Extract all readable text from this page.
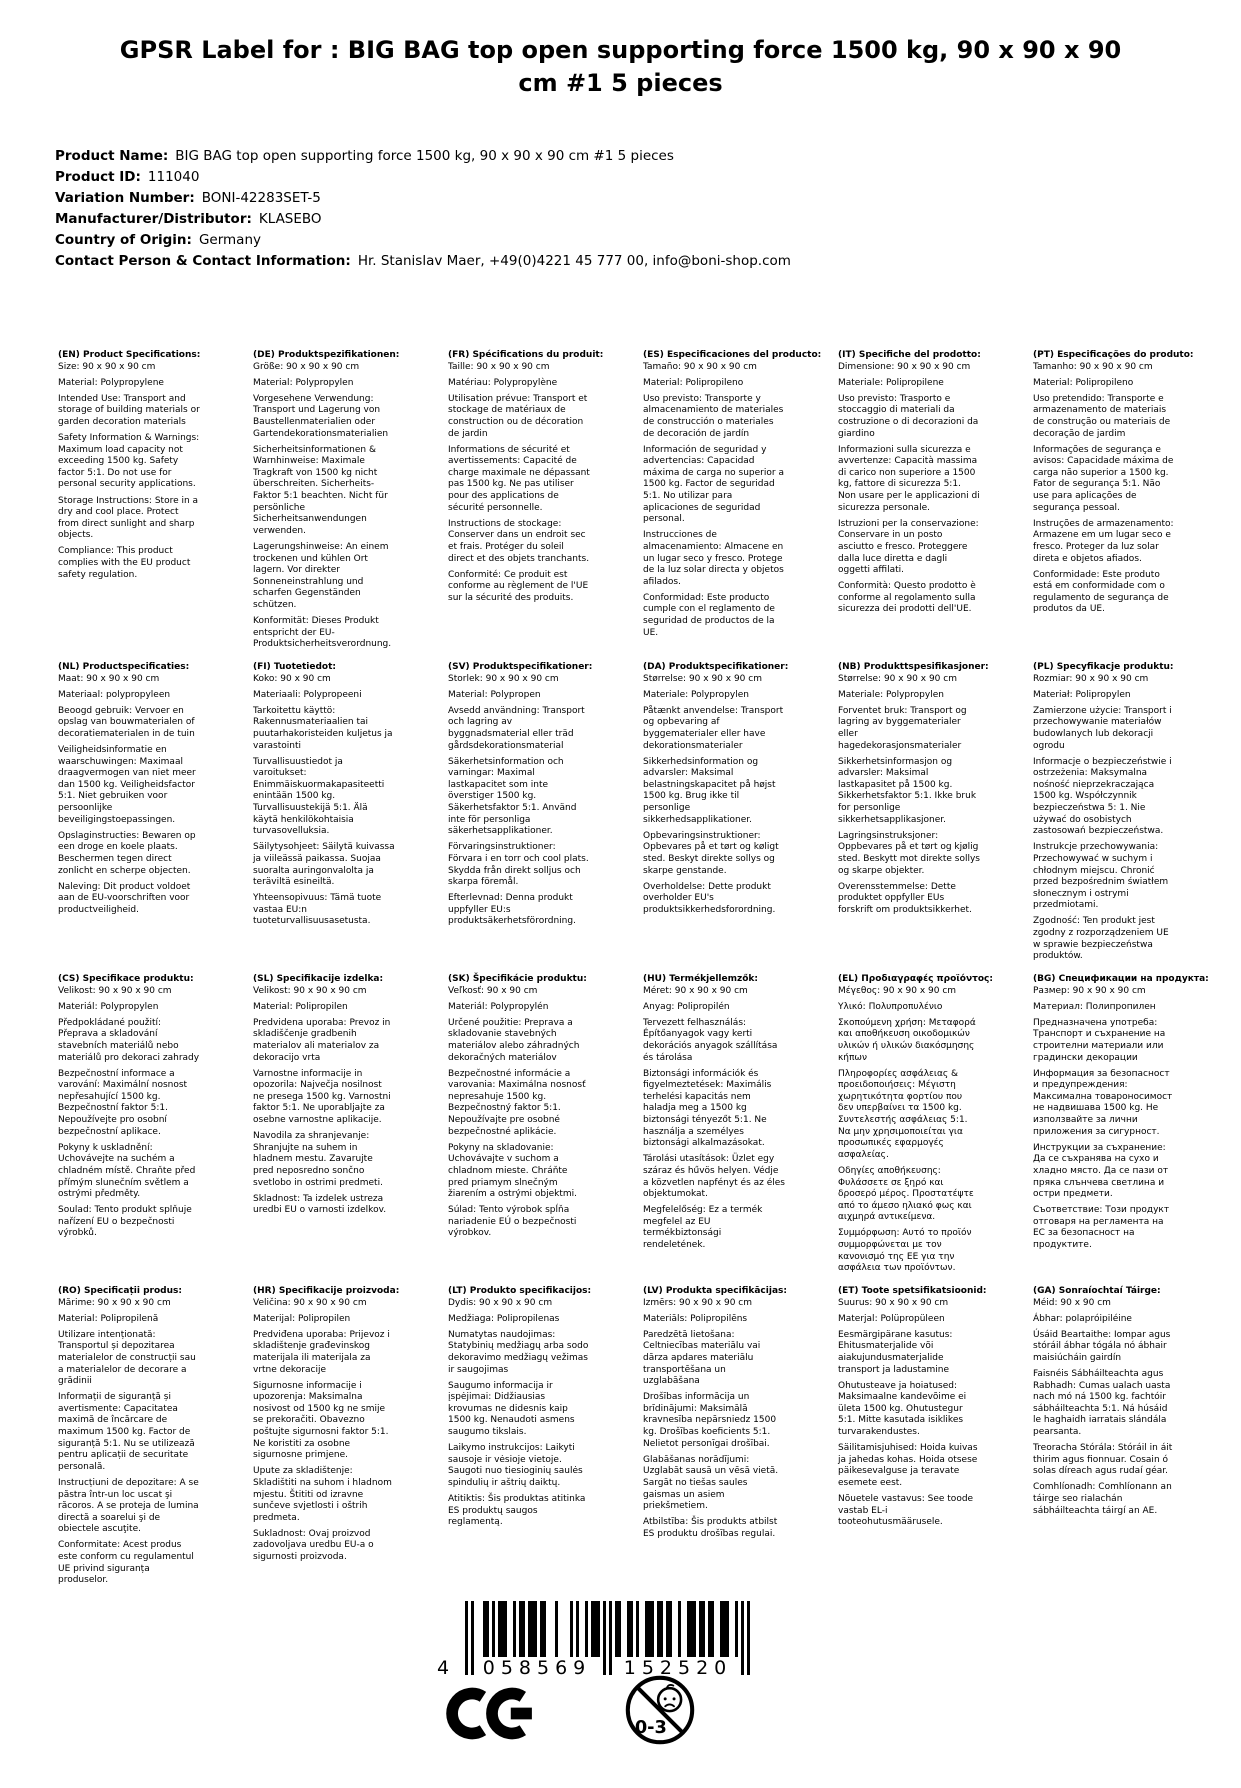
GPSR Label for : BIG BAG top open supporting force 1500 kg, 90 x 90 x 90 cm #1 5 pieces
Product Name: BIG BAG top open supporting force 1500 kg, 90 x 90 x 90 cm #1 5 pieces
Product ID: 111040
Variation Number: BONI-42283SET-5
Manufacturer/Distributor: KLASEBO
Country of Origin: Germany
Contact Person & Contact Information: Hr. Stanislav Maer, +49(0)4221 45 777 00, info@boni-shop.com
(EN) Product Specifications:

Size: 90 x 90 x 90 cm

Material: Polypropylene

Intended Use: Transport and storage of building materials or garden decoration materials

Safety Information & Warnings: Maximum load capacity not exceeding 1500 kg. Safety factor 5:1. Do not use for personal security applications.

Storage Instructions: Store in a dry and cool place. Protect from direct sunlight and sharp objects.

Compliance: This product complies with the EU product safety regulation.

(DE) Produktspezifikationen:

Größe: 90 x 90 x 90 cm

Material: Polypropylen

Vorgesehene Verwendung: Transport und Lagerung von Baustellenmaterialien oder Gartendekorationsmaterialien

Sicherheitsinformationen & Warnhinweise: Maximale Tragkraft von 1500 kg nicht überschreiten. Sicherheits-Faktor 5:1 beachten. Nicht für persönliche Sicherheitsanwendungen verwenden.

Lagerungshinweise: An einem trockenen und kühlen Ort lagern. Vor direkter Sonneneinstrahlung und scharfen Gegenständen schützen.

Konformität: Dieses Produkt entspricht der EU-Produktsicherheitsverordnung.

(FR) Spécifications du produit:

Taille: 90 x 90 x 90 cm

Matériau: Polypropylène

Utilisation prévue: Transport et stockage de matériaux de construction ou de décoration de jardin

Informations de sécurité et avertissements: Capacité de charge maximale ne dépassant pas 1500 kg. Ne pas utiliser pour des applications de sécurité personnelle.

Instructions de stockage: Conserver dans un endroit sec et frais. Protéger du soleil direct et des objets tranchants.

Conformité: Ce produit est conforme au règlement de l'UE sur la sécurité des produits.

(ES) Especificaciones del producto:

Tamaño: 90 x 90 x 90 cm

Material: Polipropileno

Uso previsto: Transporte y almacenamiento de materiales de construcción o materiales de decoración de jardín

Información de seguridad y advertencias: Capacidad máxima de carga no superior a 1500 kg. Factor de seguridad 5:1. No utilizar para aplicaciones de seguridad personal.

Instrucciones de almacenamiento: Almacene en un lugar seco y fresco. Protege de la luz solar directa y objetos afilados.

Conformidad: Este producto cumple con el reglamento de seguridad de productos de la UE.

(IT) Specifiche del prodotto:

Dimensione: 90 x 90 x 90 cm

Materiale: Polipropilene

Uso previsto: Trasporto e stoccaggio di materiali da costruzione o di decorazioni da giardino

Informazioni sulla sicurezza e avvertenze: Capacità massima di carico non superiore a 1500 kg, fattore di sicurezza 5:1. Non usare per le applicazioni di sicurezza personale.

Istruzioni per la conservazione: Conservare in un posto asciutto e fresco. Proteggere dalla luce diretta e dagli oggetti affilati.

Conformità: Questo prodotto è conforme al regolamento sulla sicurezza dei prodotti dell'UE.

(PT) Especificações do produto:

Tamanho: 90 x 90 x 90 cm

Material: Polipropileno

Uso pretendido: Transporte e armazenamento de materiais de construção ou materiais de decoração de jardim

Informações de segurança e avisos: Capacidade máxima de carga não superior a 1500 kg. Fator de segurança 5:1. Não use para aplicações de segurança pessoal.

Instruções de armazenamento: Armazene em um lugar seco e fresco. Proteger da luz solar direta e objetos afiados.

Conformidade: Este produto está em conformidade com o regulamento de segurança de produtos da UE.

(NL) Productspecificaties:

Maat: 90 x 90 x 90 cm

Materiaal: polypropyleen

Beoogd gebruik: Vervoer en opslag van bouwmaterialen of decoratiematerialen in de tuin

Veiligheidsinformatie en waarschuwingen: Maximaal draagvermogen van niet meer dan 1500 kg. Veiligheidsfactor 5:1. Niet gebruiken voor persoonlijke beveiligingstoepassingen.

Opslaginstructies: Bewaren op een droge en koele plaats. Beschermen tegen direct zonlicht en scherpe objecten.

Naleving: Dit product voldoet aan de EU-voorschriften voor productveiligheid.

(FI) Tuotetiedot:

Koko: 90 x 90 cm

Materiaali: Polypropeeni

Tarkoitettu käyttö: Rakennusmateriaalien tai puutarhakoristeiden kuljetus ja varastointi

Turvallisuustiedot ja varoitukset: Enimmäiskuormakapasiteetti enintään 1500 kg. Turvallisuustekijä 5:1. Älä käytä henkilökohtaisia turvasovelluksia.

Säilytysohjeet: Säilytä kuivassa ja viileässä paikassa. Suojaa suoralta auringonvalolta ja teräviltä esineiltä.

Yhteensopivuus: Tämä tuote vastaa EU:n tuoteturvallisuusasetusta.

(SV) Produktspecifikationer:

Storlek: 90 x 90 x 90 cm

Material: Polypropen

Avsedd användning: Transport och lagring av byggnadsmaterial eller träd gårdsdekorationsmaterial

Säkerhetsinformation och varningar: Maximal lastkapacitet som inte överstiger 1500 kg. Säkerhetsfaktor 5:1. Använd inte för personliga säkerhetsapplikationer.

Förvaringsinstruktioner: Förvara i en torr och cool plats. Skydda från direkt solljus och skarpa föremål.

Efterlevnad: Denna produkt uppfyller EU:s produktsäkerhetsförordning.

(DA) Produktspecifikationer:

Størrelse: 90 x 90 x 90 cm

Materiale: Polypropylen

Påtænkt anvendelse: Transport og opbevaring af byggematerialer eller have dekorationsmaterialer

Sikkerhedsinformation og advarsler: Maksimal belastningskapacitet på højst 1500 kg. Brug ikke til personlige sikkerhedsapplikationer.

Opbevaringsinstruktioner: Opbevares på et tørt og køligt sted. Beskyt direkte sollys og skarpe genstande.

Overholdelse: Dette produkt overholder EU's produktsikkerhedsforordning.

(NB) Produkttspesifikasjoner:

Størrelse: 90 x 90 x 90 cm

Materiale: Polypropylen

Forventet bruk: Transport og lagring av byggematerialer eller hagedekorasjonsmaterialer

Sikkerhetsinformasjon og advarsler: Maksimal lastkapasitet på 1500 kg. Sikkerhetsfaktor 5:1. Ikke bruk for personlige sikkerhetsapplikasjoner.

Lagringsinstruksjoner: Oppbevares på et tørt og kjølig sted. Beskytt mot direkte sollys og skarpe objekter.

Overensstemmelse: Dette produktet oppfyller EUs forskrift om produktsikkerhet.

(PL) Specyfikacje produktu:

Rozmiar: 90 x 90 x 90 cm

Materiał: Polipropylen

Zamierzone użycie: Transport i przechowywanie materiałów budowlanych lub dekoracji ogrodu

Informacje o bezpieczeństwie i ostrzeżenia: Maksymalna nośność nieprzekraczająca 1500 kg. Współczynnik bezpieczeństwa 5: 1. Nie używać do osobistych zastosowań bezpieczeństwa.

Instrukcje przechowywania: Przechowywać w suchym i chłodnym miejscu. Chronić przed bezpośrednim światłem słonecznym i ostrymi przedmiotami.

Zgodność: Ten produkt jest zgodny z rozporządzeniem UE w sprawie bezpieczeństwa produktów.

(CS) Specifikace produktu:

Velikost: 90 x 90 x 90 cm

Materiál: Polypropylen

Předpokládané použití: Přeprava a skladování stavebních materiálů nebo materiálů pro dekoraci zahrady

Bezpečnostní informace a varování: Maximální nosnost nepřesahující 1500 kg. Bezpečnostní faktor 5:1. Nepoužívejte pro osobní bezpečnostní aplikace.

Pokyny k uskladnění: Uchovávejte na suchém a chladném místě. Chraňte před přímým slunečním světlem a ostrými předměty.

Soulad: Tento produkt splňuje nařízení EU o bezpečnosti výrobků.

(SL) Specifikacije izdelka:

Velikost: 90 x 90 x 90 cm

Material: Polipropilen

Predvidena uporaba: Prevoz in skladiščenje gradbenih materialov ali materialov za dekoracijo vrta

Varnostne informacije in opozorila: Največja nosilnost ne presega 1500 kg. Varnostni faktor 5:1. Ne uporabljajte za osebne varnostne aplikacije.

Navodila za shranjevanje: Shranjujte na suhem in hladnem mestu. Zavarujte pred neposredno sončno svetlobo in ostrimi predmeti.

Skladnost: Ta izdelek ustreza uredbi EU o varnosti izdelkov.

(SK) Špecifikácie produktu:

Veľkosť: 90 x 90 cm

Materiál: Polypropylén

Určené použitie: Preprava a skladovanie stavebných materiálov alebo záhradných dekoračných materiálov

Bezpečnostné informácie a varovania: Maximálna nosnosť nepresahuje 1500 kg. Bezpečnostný faktor 5:1. Nepoužívajte pre osobné bezpečnostné aplikácie.

Pokyny na skladovanie: Uchovávajte v suchom a chladnom mieste. Chráňte pred priamym slnečným žiarením a ostrými objektmi.

Súlad: Tento výrobok spĺňa nariadenie EÚ o bezpečnosti výrobkov.

(HU) Termékjellemzők:

Méret: 90 x 90 x 90 cm

Anyag: Polipropilén

Tervezett felhasználás: Építőanyagok vagy kerti dekorációs anyagok szállítása és tárolása

Biztonsági információk és figyelmeztetések: Maximális terhelési kapacitás nem haladja meg a 1500 kg biztonsági tényezőt 5:1. Ne használja a személyes biztonsági alkalmazásokat.

Tárolási utasítások: Üzlet egy száraz és hűvös helyen. Védje a közvetlen napfényt és az éles objektumokat.

Megfelelőség: Ez a termék megfelel az EU termékbiztonsági rendeletének.

(EL) Προδιαγραφές προϊόντος:

Μέγεθος: 90 x 90 x 90 cm

Υλικό: Πολυπροπυλένιο

Σκοπούμενη χρήση: Μεταφορά και αποθήκευση οικοδομικών υλικών ή υλικών διακόσμησης κήπων

Πληροφορίες ασφάλειας & προειδοποιήσεις: Μέγιστη χωρητικότητα φορτίου που δεν υπερβαίνει τα 1500 kg. Συντελεστής ασφάλειας 5:1. Να μην χρησιμοποιείται για προσωπικές εφαρμογές ασφαλείας.

Οδηγίες αποθήκευσης: Φυλάσσετε σε ξηρό και δροσερό μέρος. Προστατέψτε από το άμεσο ηλιακό φως και αιχμηρά αντικείμενα.

Συμμόρφωση: Αυτό το προϊόν συμμορφώνεται με τον κανονισμό της ΕΕ για την ασφάλεια των προϊόντων.

(BG) Спецификации на продукта:

Размер: 90 x 90 x 90 cm

Материал: Полипропилен

Предназначена употреба: Транспорт и съхранение на строителни материали или градински декорации

Информация за безопасност и предупреждения: Максимална товароносимост не надвишава 1500 kg. Не използвайте за лични приложения за сигурност.

Инструкции за съхранение: Да се съхранява на сухо и хладно място. Да се пази от пряка слънчева светлина и остри предмети.

Съответствие: Този продукт отговаря на регламента на ЕС за безопасност на продуктите.

(RO) Specificații produs:

Mărime: 90 x 90 x 90 cm

Material: Polipropilenă

Utilizare intenționată: Transportul și depozitarea materialelor de construcții sau a materialelor de decorare a grădinii

Informații de siguranță și avertismente: Capacitatea maximă de încărcare de maximum 1500 kg. Factor de siguranță 5:1. Nu se utilizează pentru aplicații de securitate personală.

Instrucțiuni de depozitare: A se păstra într-un loc uscat şi răcoros. A se proteja de lumina directă a soarelui şi de obiectele ascuţite.

Conformitate: Acest produs este conform cu regulamentul UE privind siguranța produselor.

(HR) Specifikacije proizvoda:

Veličina: 90 x 90 x 90 cm

Materijal: Polipropilen

Predviđena uporaba: Prijevoz i skladištenje građevinskog materijala ili materijala za vrtne dekoracije

Sigurnosne informacije i upozorenja: Maksimalna nosivost od 1500 kg ne smije se prekoračiti. Obavezno poštujte sigurnosni faktor 5:1. Ne koristiti za osobne sigurnosne primjene.

Upute za skladištenje: Skladištiti na suhom i hladnom mjestu. Štititi od izravne sunčeve svjetlosti i oštrih predmeta.

Sukladnost: Ovaj proizvod zadovoljava uredbu EU-a o sigurnosti proizvoda.

(LT) Produkto specifikacijos:

Dydis: 90 x 90 x 90 cm

Medžiaga: Polipropilenas

Numatytas naudojimas: Statybinių medžiagų arba sodo dekoravimo medžiagų vežimas ir saugojimas

Saugumo informacija ir įspėjimai: Didžiausias krovumas ne didesnis kaip 1500 kg. Nenaudoti asmens saugumo tikslais.

Laikymo instrukcijos: Laikyti sausoje ir vėsioje vietoje. Saugoti nuo tiesioginių saulės spindulių ir aštrių daiktų.

Atitiktis: Šis produktas atitinka ES produktų saugos reglamentą.

(LV) Produkta specifikācijas:

Izmērs: 90 x 90 x 90 cm

Materiāls: Polipropilēns

Paredzētā lietošana: Celtniecības materiālu vai dārza apdares materiālu transportēšana un uzglabāšana

Drošības informācija un brīdinājumi: Maksimālā kravnesība nepārsniedz 1500 kg. Drošības koeficients 5:1. Nelietot personīgai drošībai.

Glabāšanas norādījumi: Uzglabāt sausā un vēsā vietā. Sargāt no tiešas saules gaismas un asiem priekšmetiem.

Atbilstība: Šis produkts atbilst ES produktu drošības regulai.

(ET) Toote spetsifikatsioonid:

Suurus: 90 x 90 x 90 cm

Materjal: Polüpropüleen

Eesmärgipärane kasutus: Ehitusmaterjalide või aiakujundusmaterjalide transport ja ladustamine

Ohutusteave ja hoiatused: Maksimaalne kandevõime ei ületa 1500 kg. Ohutustegur 5:1. Mitte kasutada isiklikes turvarakendustes.

Säilitamisjuhised: Hoida kuivas ja jahedas kohas. Hoida otsese päikesevalguse ja teravate esemete eest.

Nõuetele vastavus: See toode vastab EL-i tooteohutusmäärusele.

(GA) Sonraíochtaí Táirge:

Méid: 90 x 90 cm

Ábhar: polapróipiléine

Úsáid Beartaithe: Iompar agus stóráil ábhar tógála nó ábhair maisiúcháin gairdín

Faisnéis Sábháilteachta agus Rabhadh: Cumas ualach uasta nach mó ná 1500 kg. fachtóir sábháilteachta 5:1. Ná húsáid le haghaidh iarratais slándála pearsanta.

Treoracha Stórála: Stóráil in áit thirim agus fionnuar. Cosain ó solas díreach agus rudaí géar.

Comhlíonadh: Comhlíonann an táirge seo rialachán sábháilteachta táirgí an AE.

4	058569	152520
0-3
